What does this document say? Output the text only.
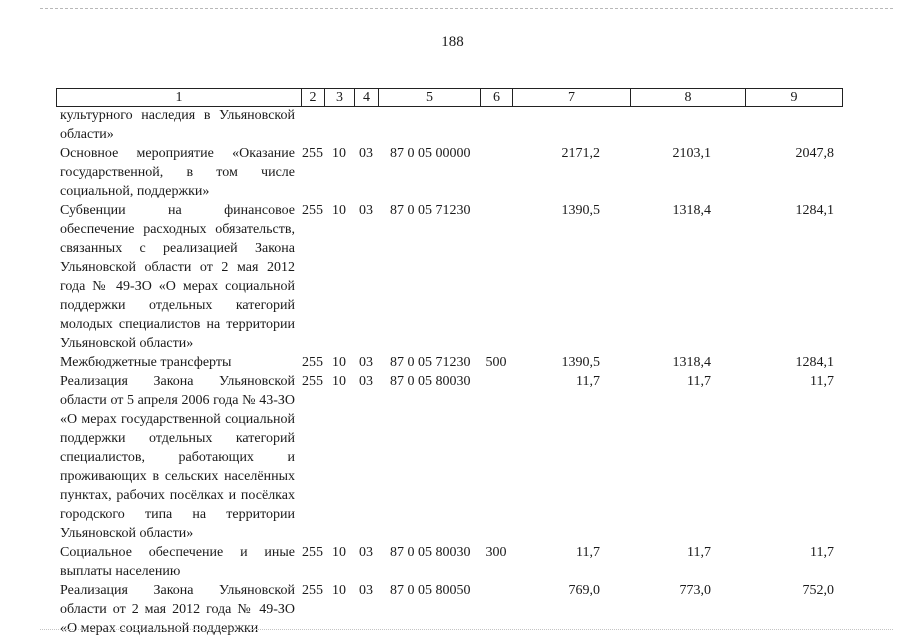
188
1	2	3	4	5	6	7	8	9
культурного наследия в Ульяновской области»								
Основное мероприятие «Оказание государственной, в том числе социальной, поддержки»	255	10	03	87 0 05 00000		2171,2	2103,1	2047,8
Субвенции на финансовое обеспечение расходных обязательств, связанных с реализацией Закона Ульяновской области от 2 мая 2012 года № 49-ЗО «О мерах социальной поддержки отдельных категорий молодых специалистов на территории Ульяновской области»	255	10	03	87 0 05 71230		1390,5	1318,4	1284,1
Межбюджетные трансферты	255	10	03	87 0 05 71230	500	1390,5	1318,4	1284,1
Реализация Закона Ульяновской области от 5 апреля 2006 года № 43-ЗО «О мерах государственной социальной поддержки отдельных категорий специалистов, работающих и проживающих в сельских населённых пунктах, рабочих посёлках и посёлках городского типа на территории Ульяновской области»	255	10	03	87 0 05 80030		11,7	11,7	11,7
Социальное обеспечение и иные выплаты населению	255	10	03	87 0 05 80030	300	11,7	11,7	11,7
Реализация Закона Ульяновской области от 2 мая 2012 года № 49-ЗО «О мерах социальной поддержки	255	10	03	87 0 05 80050		769,0	773,0	752,0
